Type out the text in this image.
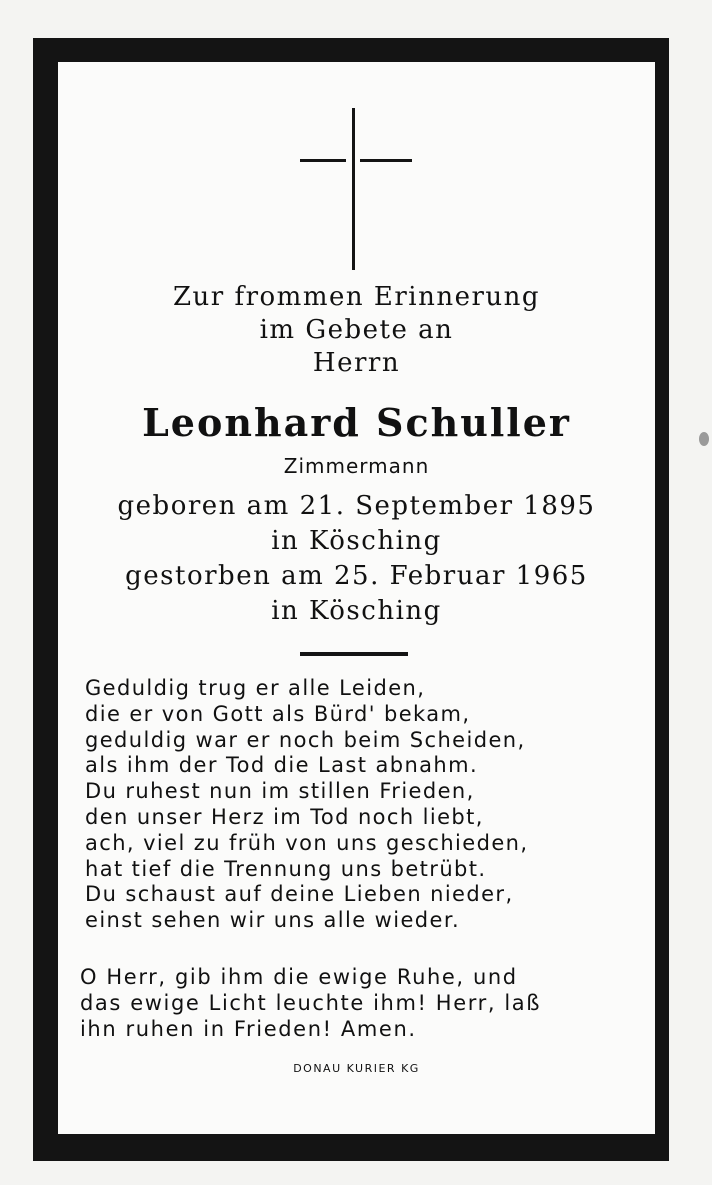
Zur frommen Erinnerung

im Gebete an

Herrn

Leonhard Schuller

Zimmermann

geboren am 21. September 1895

in Kösching

gestorben am 25. Februar 1965

in Kösching

Geduldig trug er alle Leiden,

die er von Gott als Bürd' bekam,

geduldig war er noch beim Scheiden,

als ihm der Tod die Last abnahm.

Du ruhest nun im stillen Frieden,

den unser Herz im Tod noch liebt,

ach, viel zu früh von uns geschieden,

hat tief die Trennung uns betrübt.

Du schaust auf deine Lieben nieder,

einst sehen wir uns alle wieder.

O Herr, gib ihm die ewige Ruhe, und

das ewige Licht leuchte ihm! Herr, laß

ihn ruhen in Frieden! Amen.

DONAU KURIER KG
